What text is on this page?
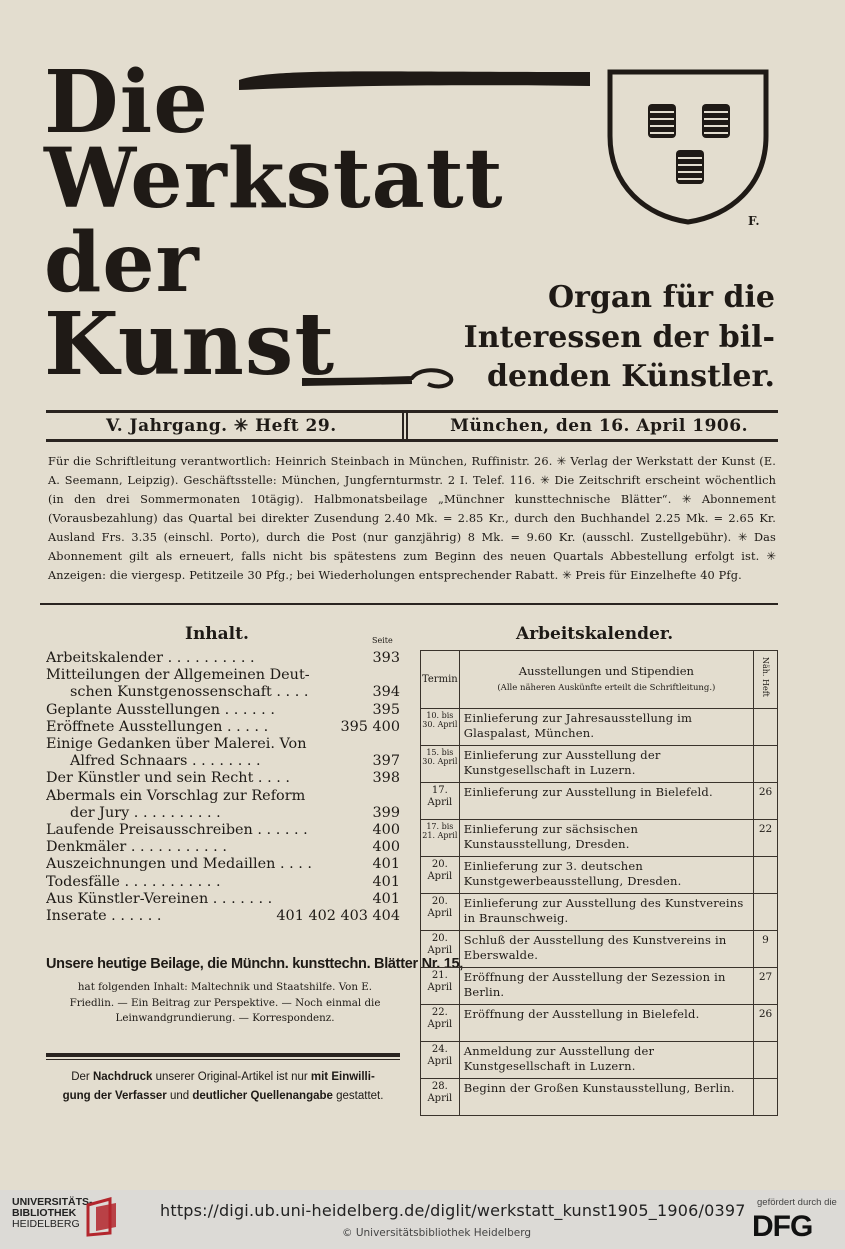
Die
Werkstatt
der
Kunst
F.
Organ für die
Interessen der bil-
denden Künstler.
V. Jahrgang. ✳ Heft 29.	München, den 16. April 1906.

Für die Schriftleitung verantwortlich: Heinrich Steinbach in München, Ruffinistr. 26. ✳ Verlag der Werkstatt der Kunst (E. A. Seemann, Leipzig). Geschäftsstelle: München, Jungfernturmstr. 2 I. Telef. 116. ✳ Die Zeitschrift erscheint wöchentlich (in den drei Sommermonaten 10tägig). Halbmonatsbeilage „Münchner kunsttechnische Blätter“. ✳ Abonnement (Vorausbezahlung) das Quartal bei direkter Zusendung 2.40 Mk. = 2.85 Kr., durch den Buchhandel 2.25 Mk. = 2.65 Kr. Ausland Frs. 3.35 (einschl. Porto), durch die Post (nur ganzjährig) 8 Mk. = 9.60 Kr. (ausschl. Zustellgebühr). ✳ Das Abonnement gilt als erneuert, falls nicht bis spätestens zum Beginn des neuen Quartals Abbestellung erfolgt ist. ✳ Anzeigen: die viergesp. Petitzeile 30 Pfg.; bei Wiederholungen entsprechender Rabatt. ✳ Preis für Einzelhefte 40 Pfg.

Inhalt.	Seite
Arbeitskalender . . . . . . . . . .	393
Mitteilungen der Allgemeinen Deut-
schen Kunstgenossenschaft . . . .	394
Geplante Ausstellungen . . . . . .	395
Eröffnete Ausstellungen . . . . .	395 400
Einige Gedanken über Malerei. Von
Alfred Schnaars . . . . . . . .	397
Der Künstler und sein Recht . . . .	398
Abermals ein Vorschlag zur Reform
der Jury . . . . . . . . . .	399
Laufende Preisausschreiben . . . . . .	400
Denkmäler . . . . . . . . . . .	400
Auszeichnungen und Medaillen . . . .	401
Todesfälle . . . . . . . . . . .	401
Aus Künstler-Vereinen . . . . . . .	401
Inserate . . . . . .	401 402 403 404
Unsere heutige Beilage, die Münchn. kunsttechn. Blätter Nr. 15,

hat folgenden Inhalt: Maltechnik und Staatshilfe. Von E. Friedlin. — Ein Beitrag zur Perspektive. — Noch einmal die Leinwandgrundierung. — Korrespondenz.

Der Nachdruck unserer Original-Artikel ist nur mit Einwilli-
gung der Verfasser und deutlicher Quellenangabe gestattet.
Arbeitskalender.
Termin	Ausstellungen und Stipendien
(Alle näheren Auskünfte erteilt die Schriftleitung.)	Näh. Heft
10. bis 30. April	Einlieferung zur Jahresausstellung im Glaspalast, München.	
15. bis 30. April	Einlieferung zur Ausstellung der Kunstgesellschaft in Luzern.	
17. April	Einlieferung zur Ausstellung in Bielefeld.	26
17. bis 21. April	Einlieferung zur sächsischen Kunstausstellung, Dresden.	22
20. April	Einlieferung zur 3. deutschen Kunstgewerbeausstellung, Dresden.	
20. April	Einlieferung zur Ausstellung des Kunstvereins in Braunschweig.	
20. April	Schluß der Ausstellung des Kunstvereins in Eberswalde.	9
21. April	Eröffnung der Ausstellung der Sezession in Berlin.	27
22. April	Eröffnung der Ausstellung in Bielefeld.	26
24. April	Anmeldung zur Ausstellung der Kunstgesellschaft in Luzern.	
28. April	Beginn der Großen Kunstausstellung, Berlin.	
UNIVERSITÄTS-
BIBLIOTHEK
HEIDELBERG
https://digi.ub.uni-heidelberg.de/diglit/werkstatt_kunst1905_1906/0397
© Universitätsbibliothek Heidelberg
gefördert durch die
DFG
